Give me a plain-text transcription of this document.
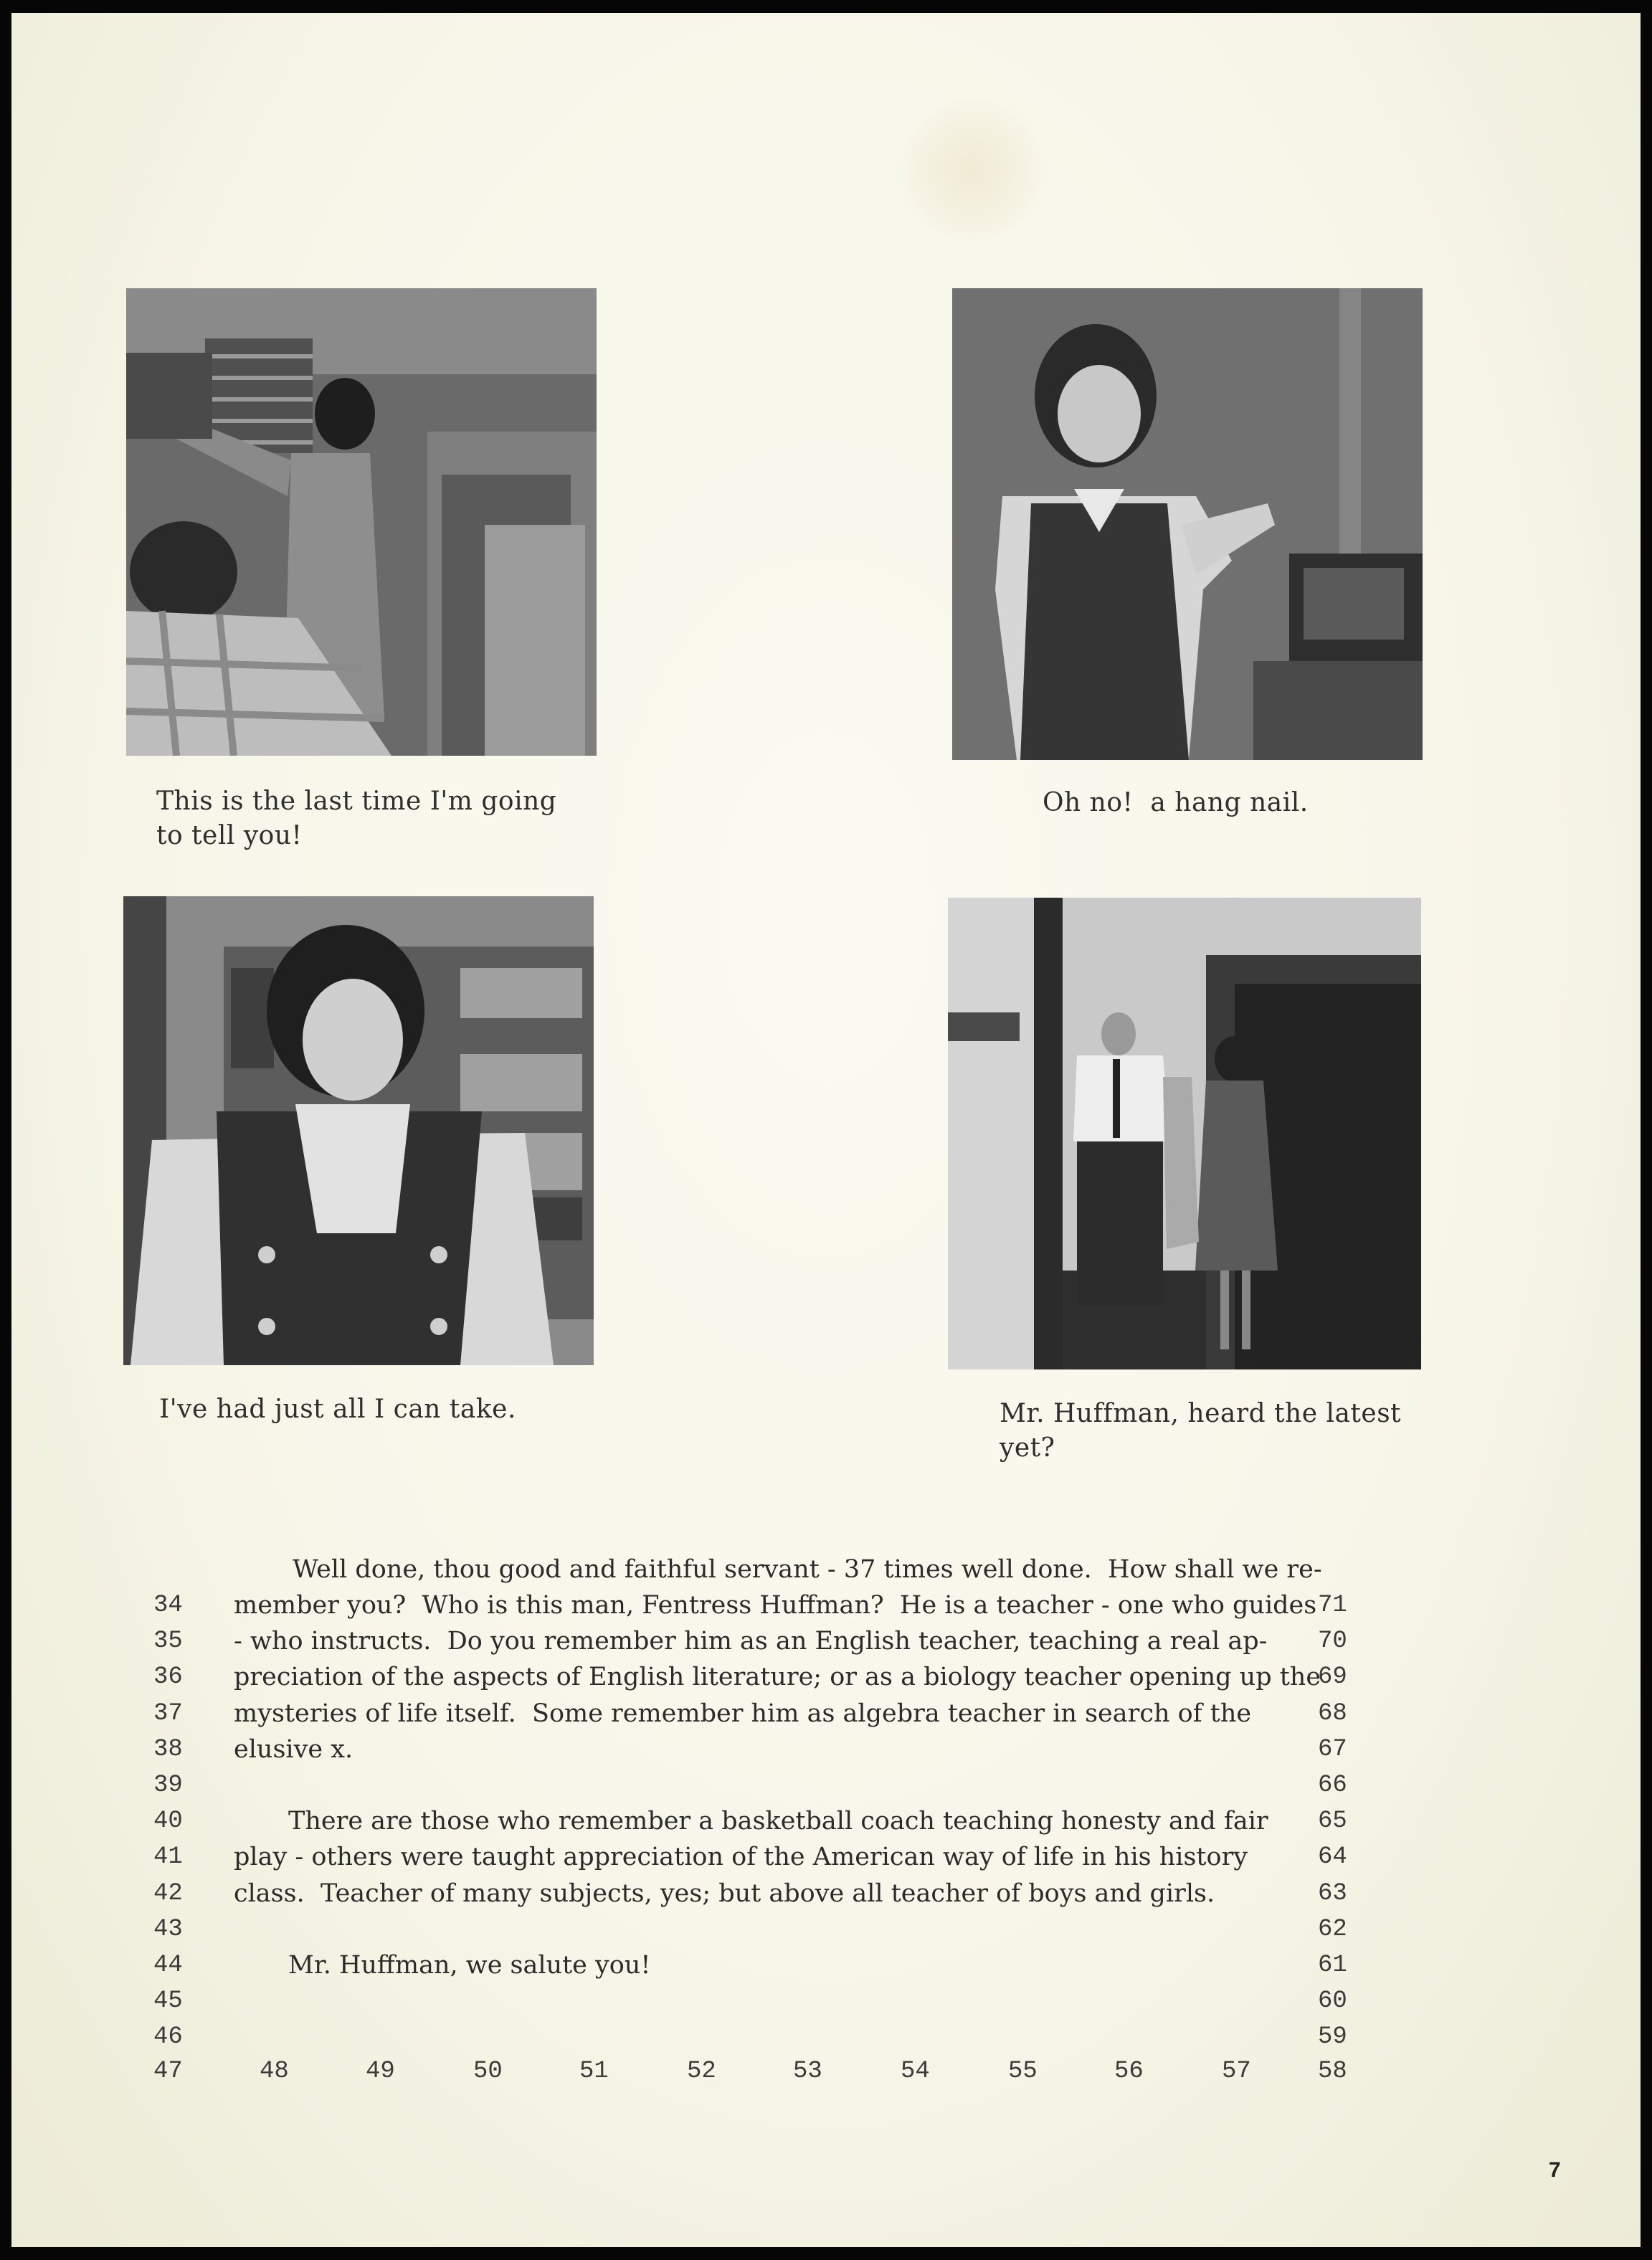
This is the last time I'm going
to tell you!
Oh no!  a hang nail.
I've had just all I can take.	Mr. Huffman, heard the latest
yet?
Well done, thou good and faithful servant - 37 times well done.  How shall we re-
34 member you?  Who is this man, Fentress Huffman?  He is a teacher - one who guides 71
35 - who instructs.  Do you remember him as an English teacher, teaching a real ap- 70
36 preciation of the aspects of English literature; or as a biology teacher opening up the
69
37 mysteries of life itself.  Some remember him as algebra teacher in search of the	68
38 elusive x.	67
39	66
40	There are those who remember a basketball coach teaching honesty and fair 65
41 play - others were taught appreciation of the American way of life in his history	64
42 class.  Teacher of many subjects, yes; but above all teacher of boys and girls.	63
43	62
44	Mr. Huffman, we salute you!	61
45	60
46	59
47	48	49	50	51	52	53	54	55	56	57	58
7
